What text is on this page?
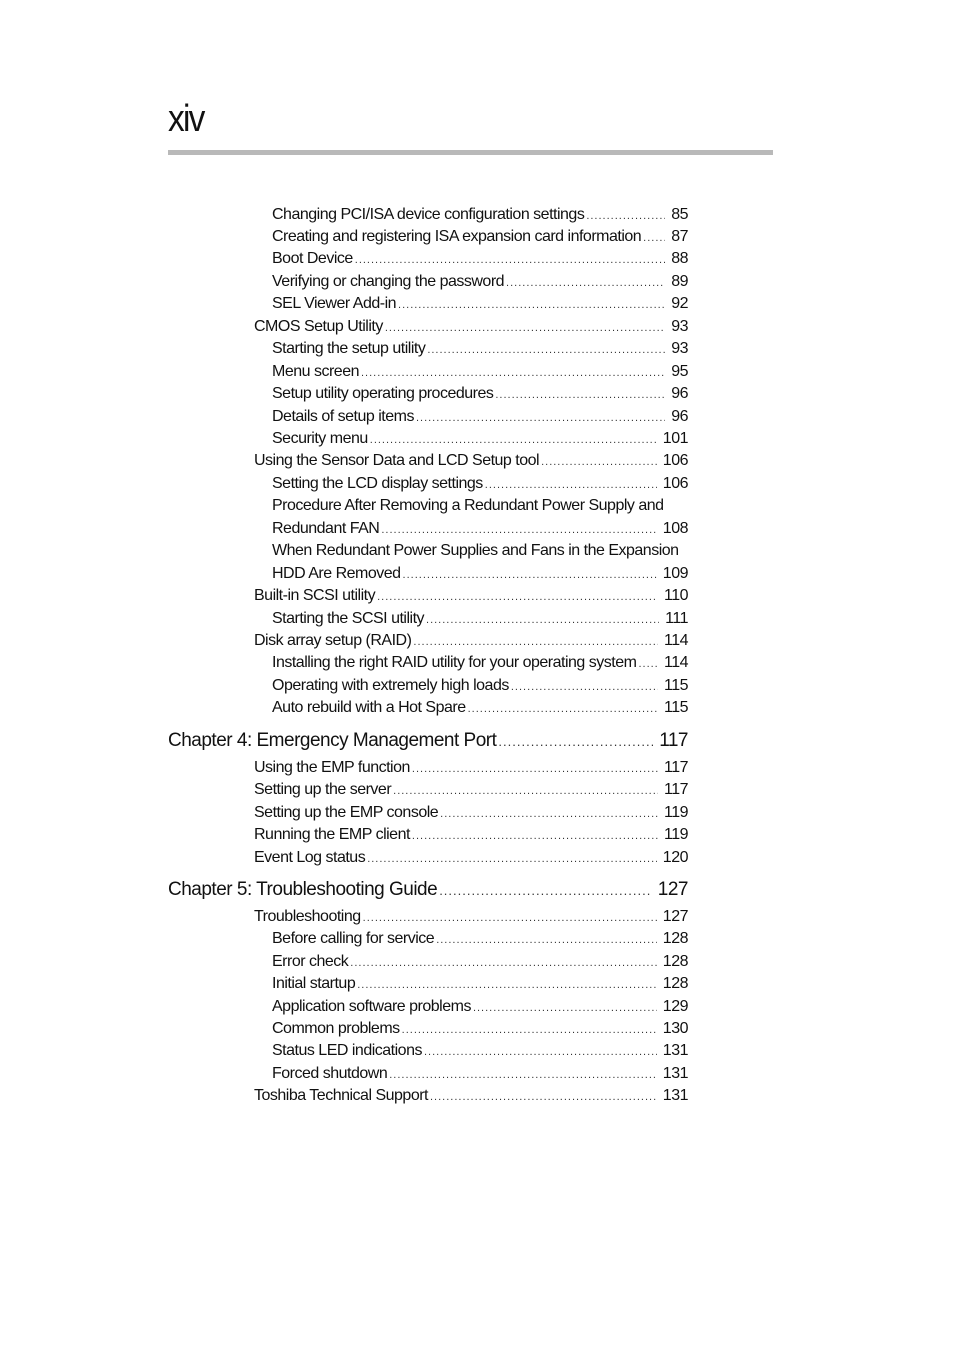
xiv
Changing PCI/ISA device configuration settings .....	85
Creating and registering ISA expansion card information ..... 87
Boot Device .....	88
Verifying or changing the password .....	89
SEL Viewer Add-in .....	92
CMOS Setup Utility .....	93
Starting the setup utility .....	93
Menu screen .....	95
Setup utility operating procedures .....	96
Details of setup items .....	96
Security menu .....	101
Using the Sensor Data and LCD Setup tool .....	106
Setting the LCD display settings .....	106
Procedure After Removing a Redundant Power Supply and
Redundant FAN .....	108
When Redundant Power Supplies and Fans in the Expansion
HDD Are Removed .....	109
Built-in SCSI utility .....	110
Starting the SCSI utility .....	111
Disk array setup (RAID) .....	114
Installing the right RAID utility for your operating system ..... 114
Operating with extremely high loads .....	115
Auto rebuild with a Hot Spare .....	115
Chapter 4: Emergency Management Port .....	117
Using the EMP function .....	117
Setting up the server .....	117
Setting up the EMP console .....	119
Running the EMP client .....	119
Event Log status .....	120
Chapter 5: Troubleshooting Guide .....	127
Troubleshooting .....	127
Before calling for service .....	128
Error check .....	128
Initial startup .....	128
Application software problems .....	129
Common problems .....	130
Status LED indications .....	131
Forced shutdown .....	131
Toshiba Technical Support .....	131
